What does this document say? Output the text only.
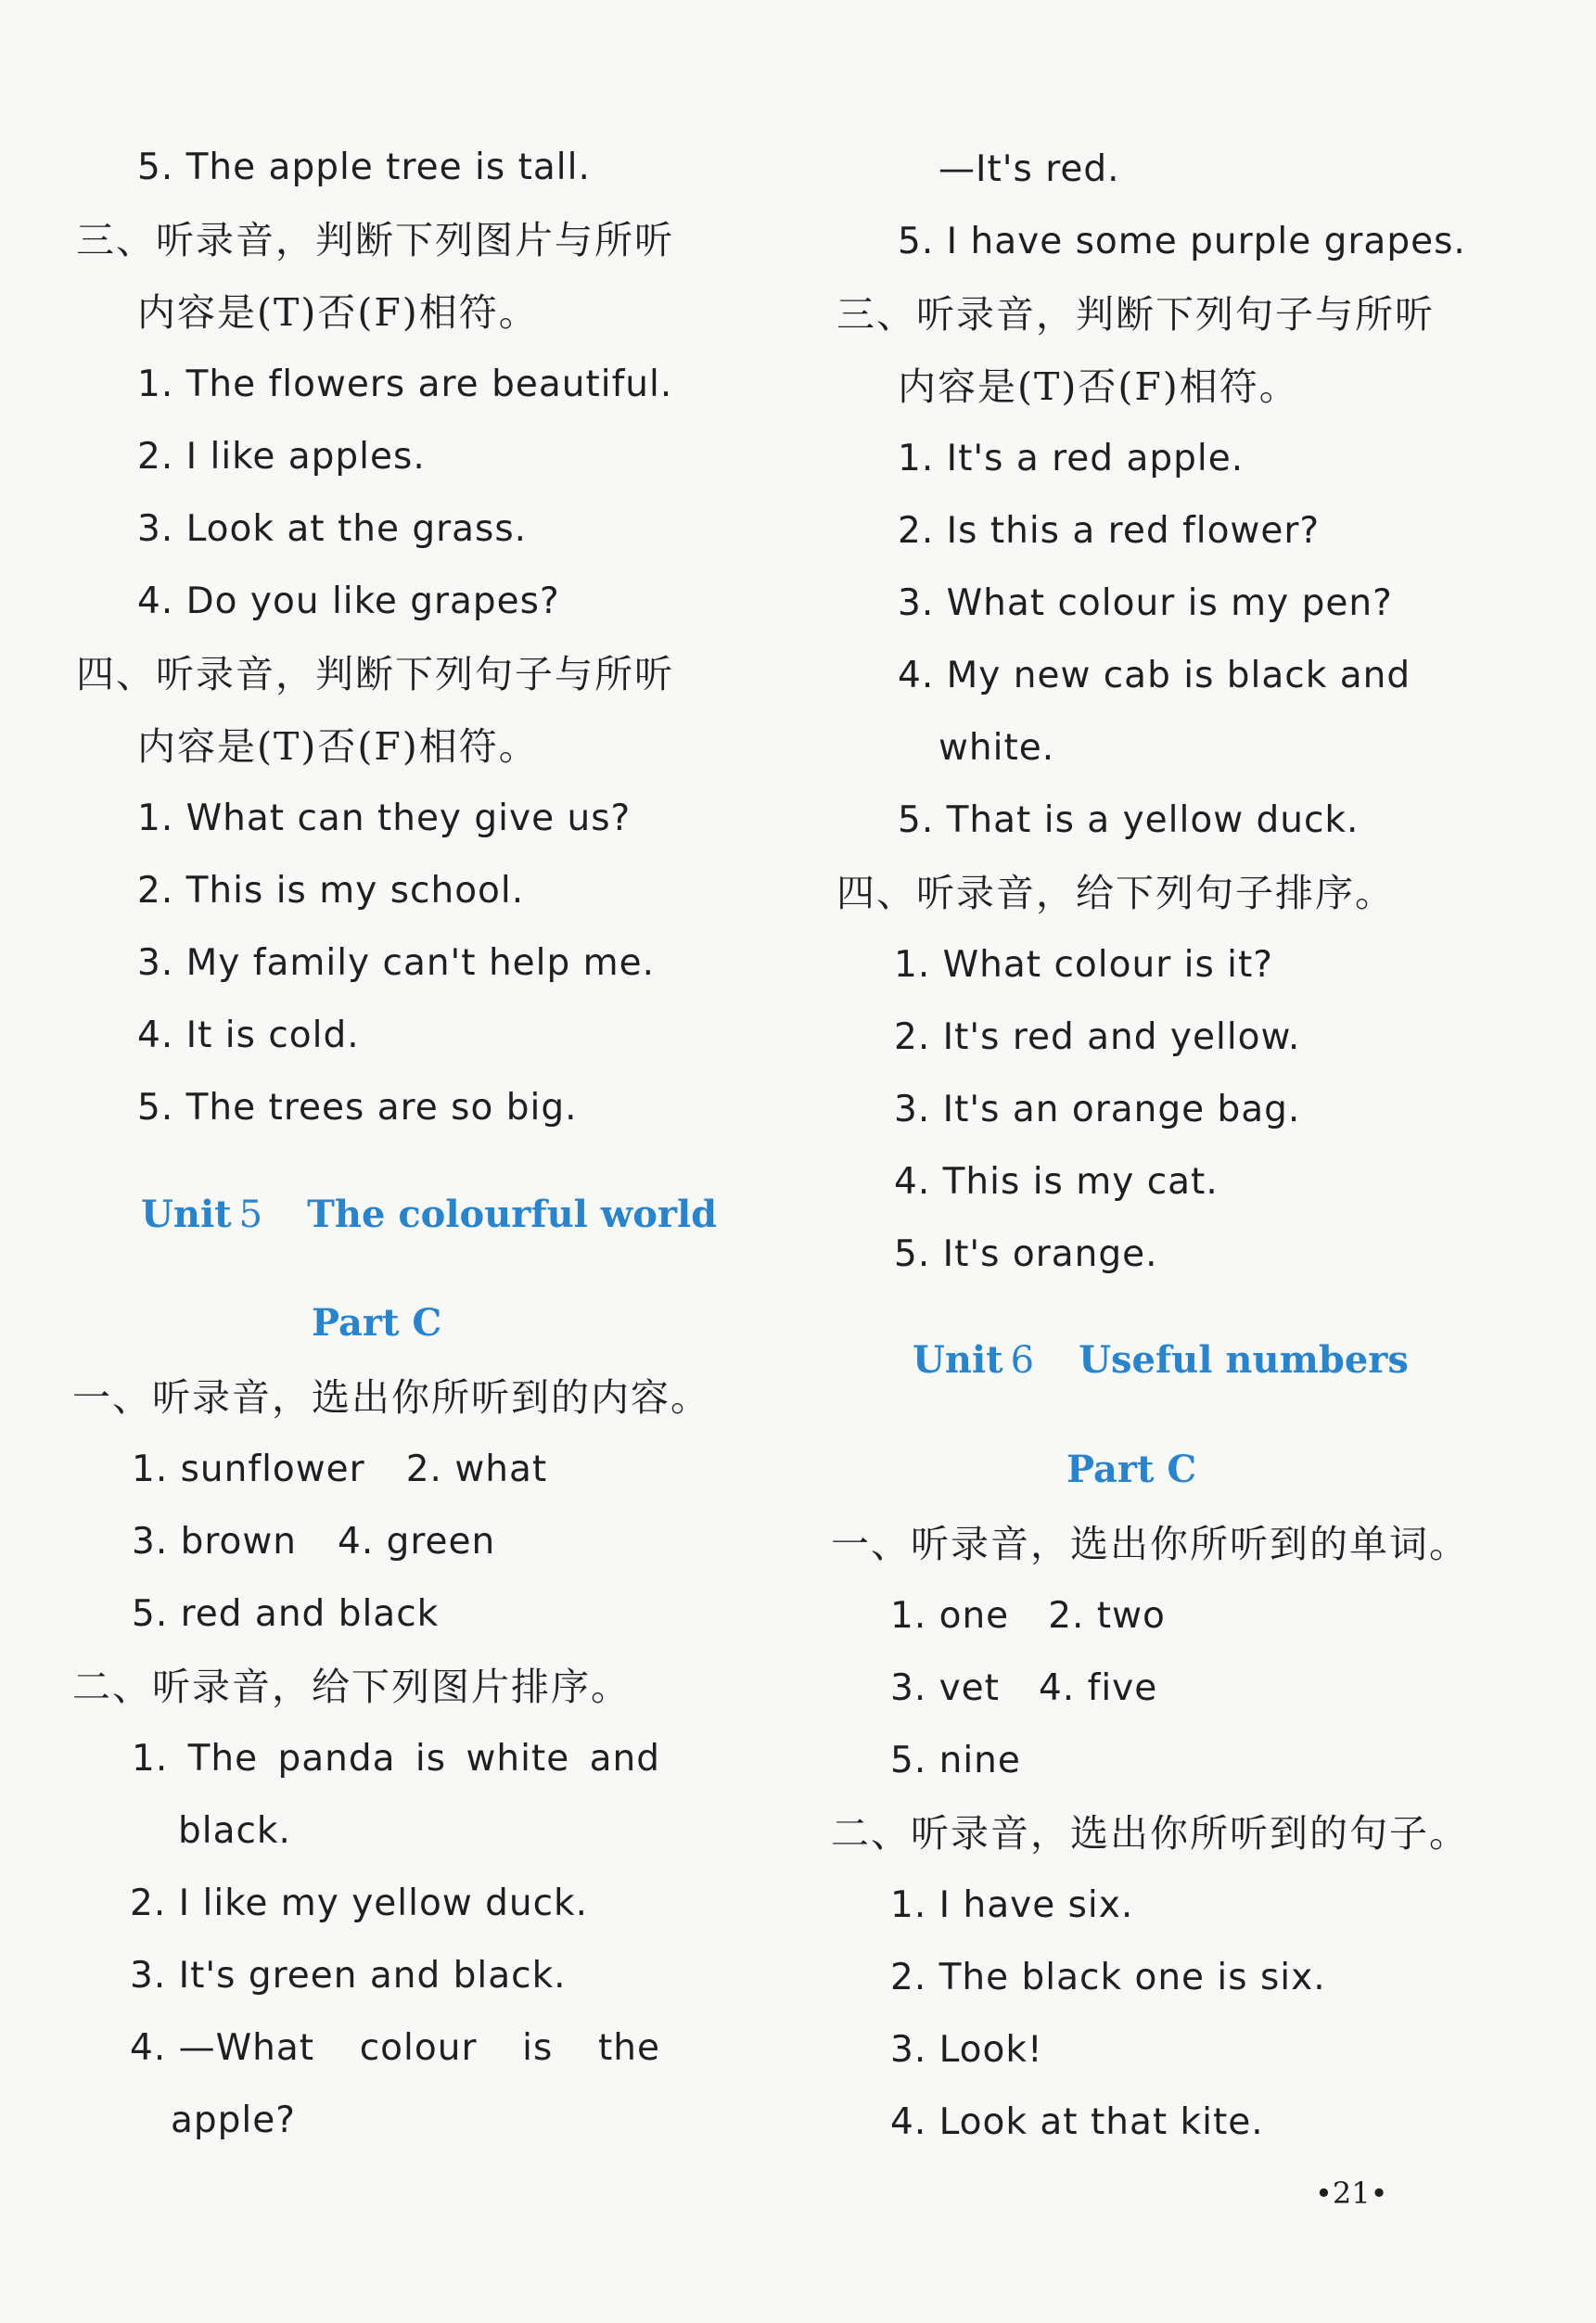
5. The apple tree is tall.
三、听录音，判断下列图片与所听
内容是(T)否(F)相符。
1. The flowers are beautiful.
2. I like apples.
3. Look at the grass.
4. Do you like grapes?
四、听录音，判断下列句子与所听
内容是(T)否(F)相符。
1. What can they give us?
2. This is my school.
3. My family can't help me.
4. It is cold.
5. The trees are so big.
Unit 5 The colourful world
Part C
一、听录音，选出你所听到的内容。
1. sunflower 2. what
3. brown 4. green
5. red and black
二、听录音，给下列图片排序。
1. The panda is white and
black.
2. I like my yellow duck.
3. It's green and black.
4. —What colour is the
apple?
—It's red.
5. I have some purple grapes.
三、听录音，判断下列句子与所听
内容是(T)否(F)相符。
1. It's a red apple.
2. Is this a red flower?
3. What colour is my pen?
4. My new cab is black and
white.
5. That is a yellow duck.
四、听录音，给下列句子排序。
1. What colour is it?
2. It's red and yellow.
3. It's an orange bag.
4. This is my cat.
5. It's orange.
Unit 6 Useful numbers
Part C
一、听录音，选出你所听到的单词。
1. one 2. two
3. vet 4. five
5. nine
二、听录音，选出你所听到的句子。
1. I have six.
2. The black one is six.
3. Look!
4. Look at that kite.
•21•
